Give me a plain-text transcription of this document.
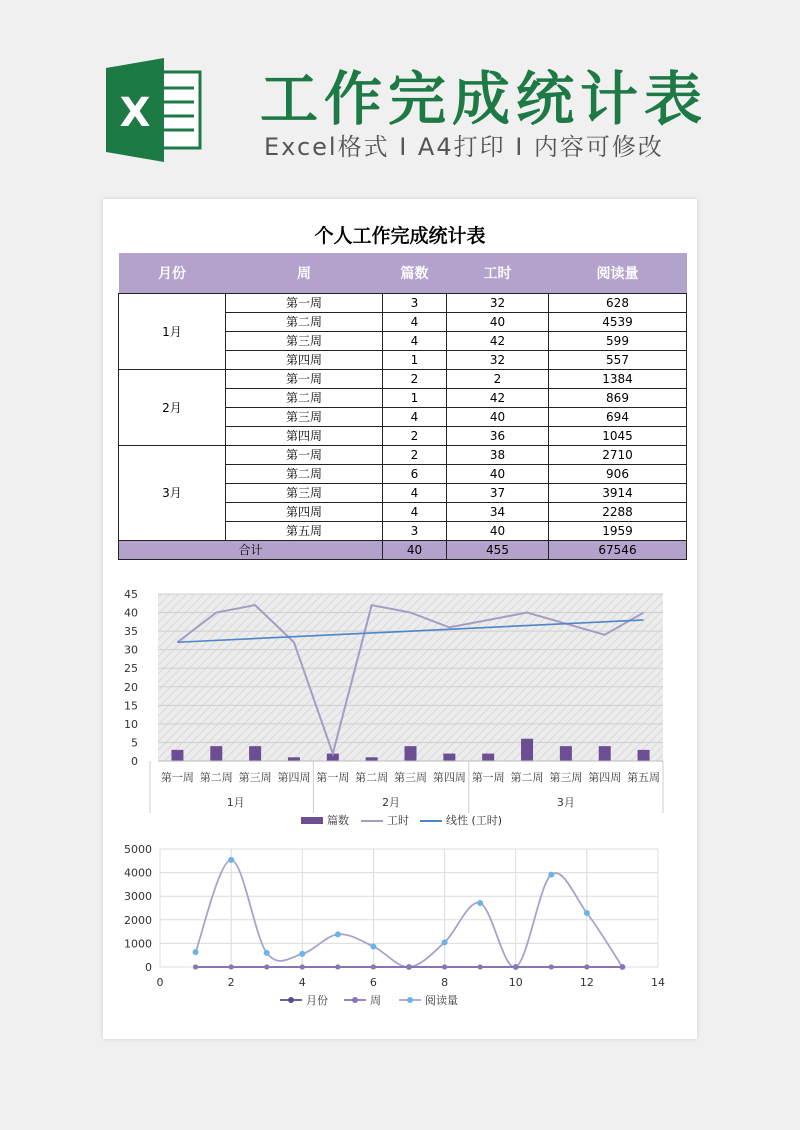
X 工作完成统计表
Excel格式 I A4打印 I 内容可修改
个人工作完成统计表
月份	周	篇数	工时	阅读量
1月	第一周	3	32	628
	第二周	4	40	4539
	第三周	4	42	599
	第四周	1	32	557
2月	第一周	2	2	1384
	第二周	1	42	869
	第三周	4	40	694
	第四周	2	36	1045
3月	第一周	2	38	2710
	第二周	6	40	906
	第三周	4	37	3914
	第四周	4	34	2288
	第五周	3	40	1959
合计		40	455	67546
0
5
10
15
20
25
30
35
40
45
第一周 第二周 第三周 第四周 第一周 第二周 第三周 第四周 第一周 第二周 第三周 第四周 第五周
1月	2月	3月
篇数	工时	线性 (工时)
0
1000
2000
3000
4000
5000
0	2	4	6	8	10	12	14
月份	周	阅读量
